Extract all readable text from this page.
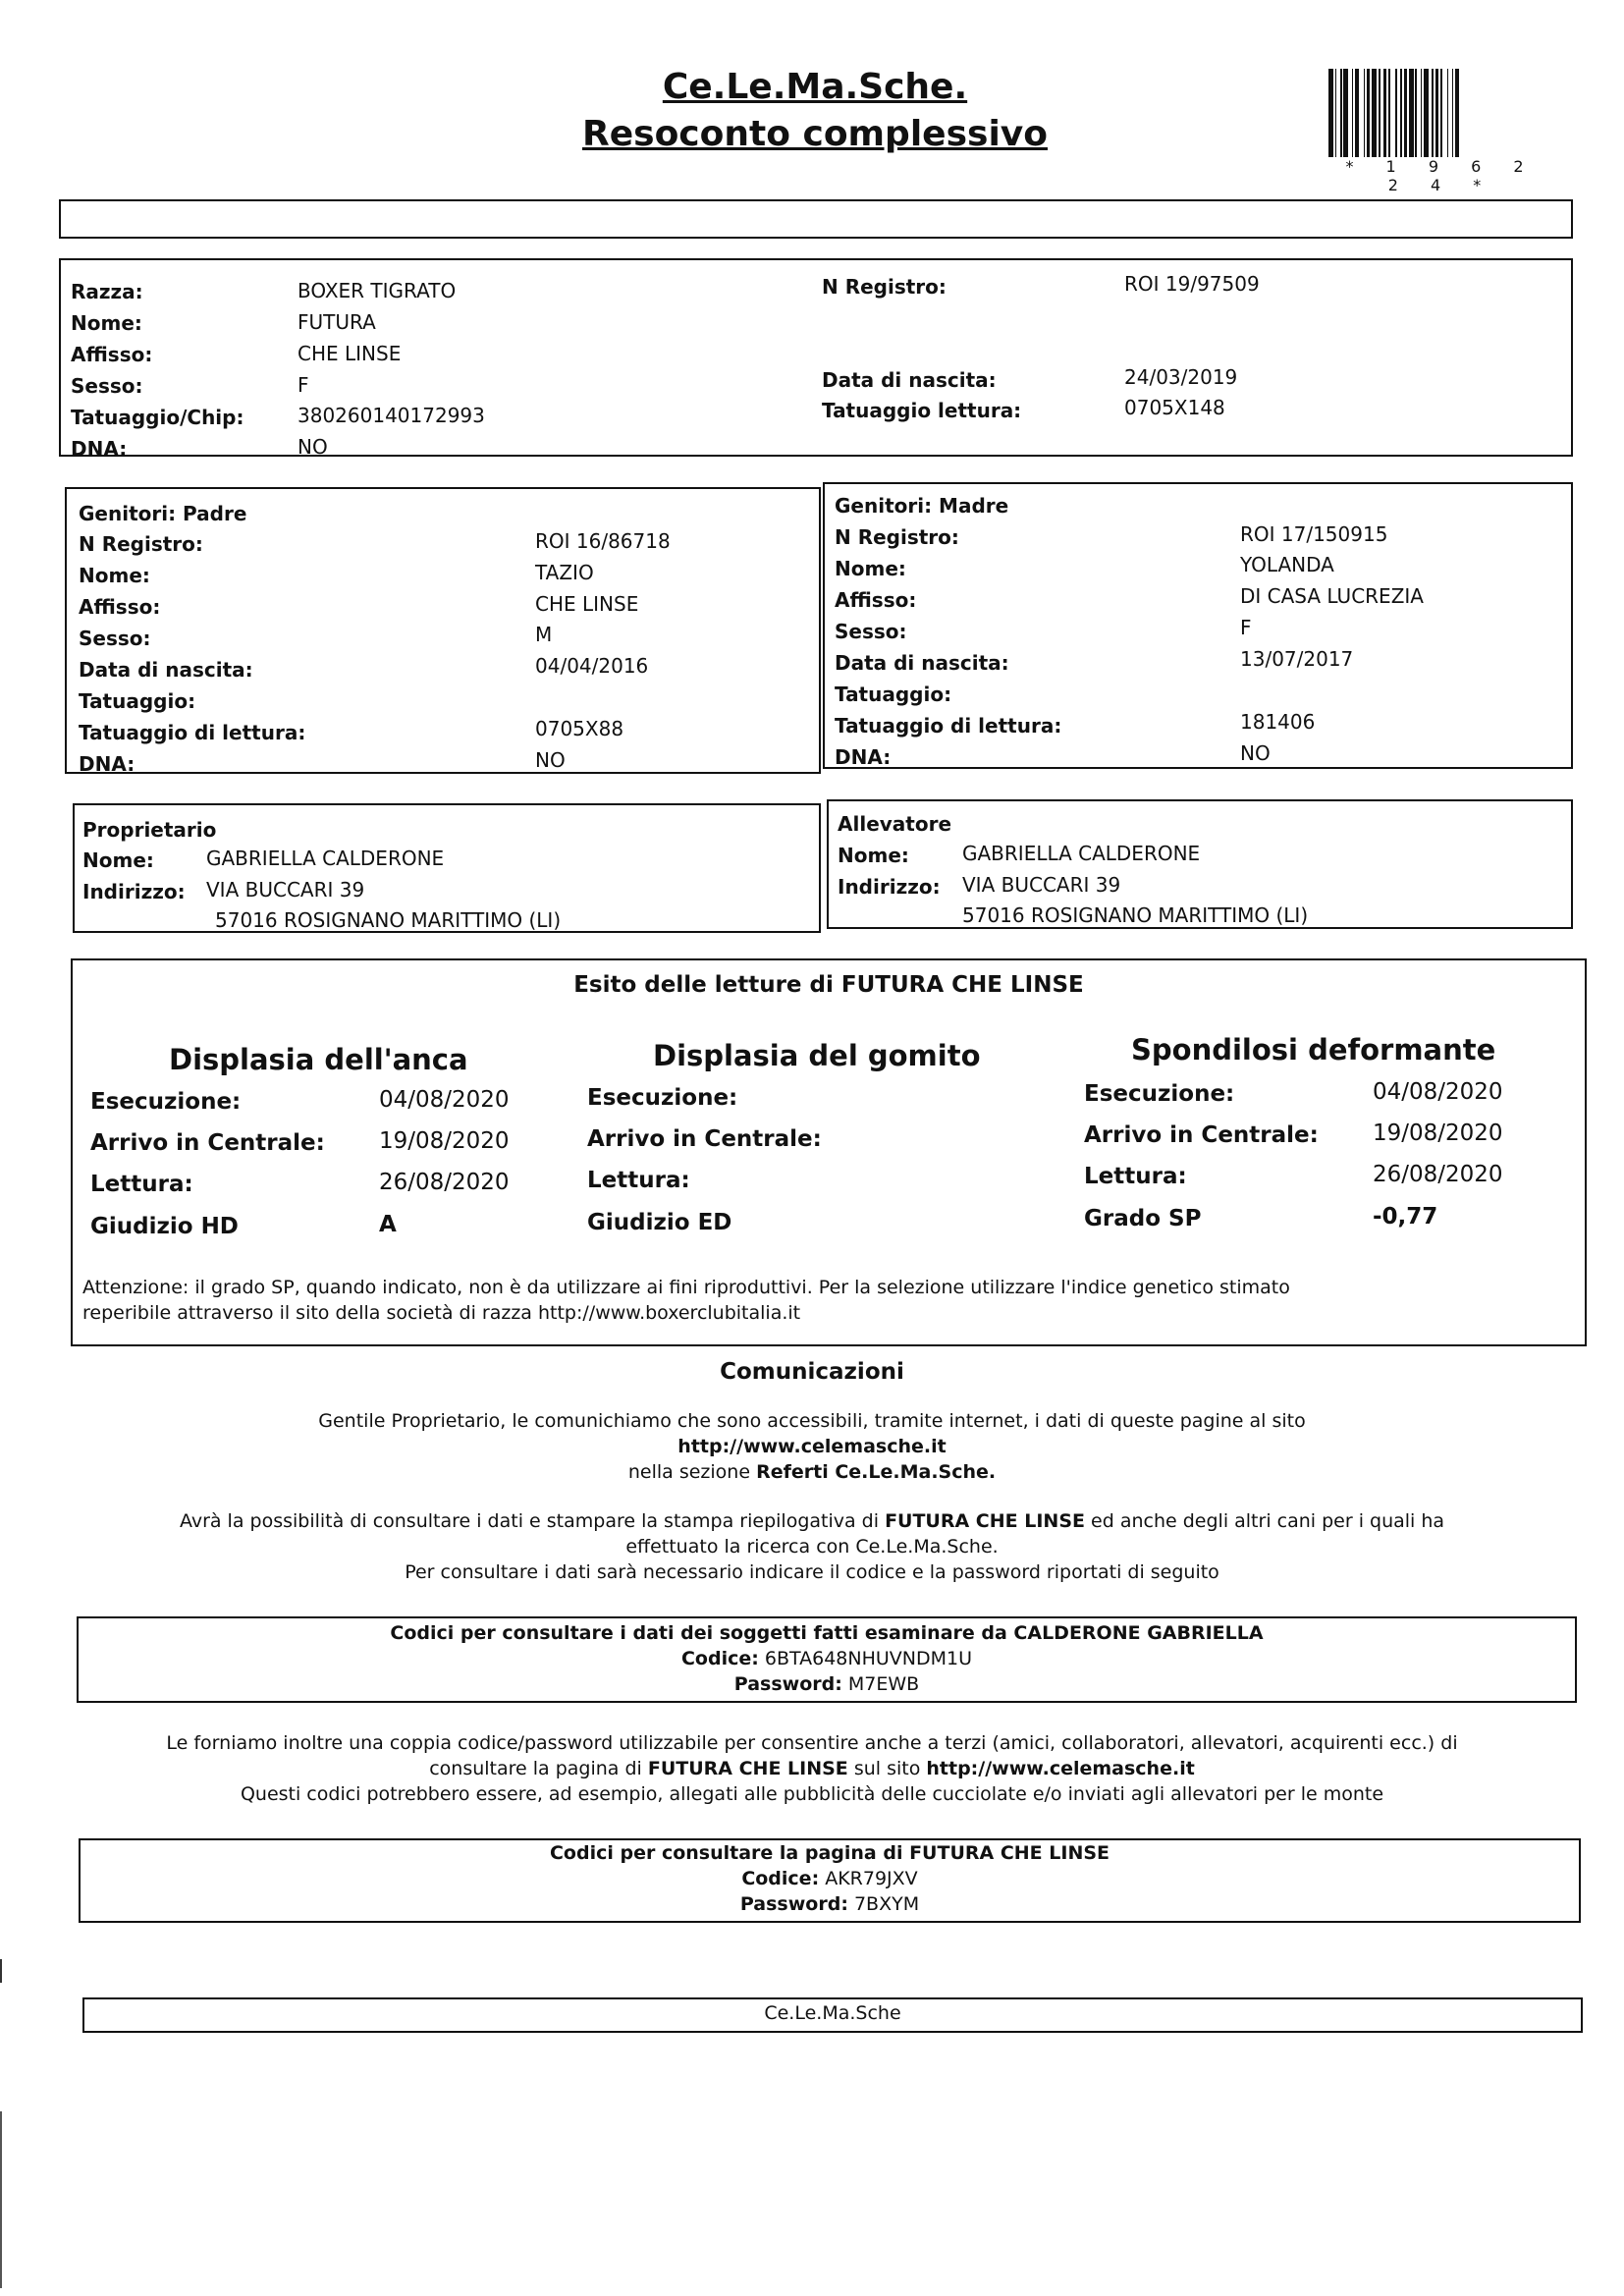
Ce.Le.Ma.Sche.
Resoconto complessivo
* 1 9 6 2 2 4 *
Razza:	BOXER TIGRATO
Nome:	FUTURA
Affisso:	CHE LINSE
Sesso:	F
Tatuaggio/Chip:	380260140172993
DNA:	NO
N Registro:	ROI 19/97509
Data di nascita:	24/03/2019
Tatuaggio lettura:	0705X148
Genitori: Padre
N Registro:	ROI 16/86718
Nome:	TAZIO
Affisso:	CHE LINSE
Sesso:	M
Data di nascita:	04/04/2016
Tatuaggio:
Tatuaggio di lettura:	0705X88
DNA:	NO
Genitori: Madre
N Registro:	ROI 17/150915
Nome:	YOLANDA
Affisso:	DI CASA LUCREZIA
Sesso:	F
Data di nascita:	13/07/2017
Tatuaggio:
Tatuaggio di lettura:	181406
DNA:	NO
Proprietario
Nome:	GABRIELLA CALDERONE
Indirizzo: VIA BUCCARI 39
57016 ROSIGNANO MARITTIMO (LI)
Allevatore
Nome:	GABRIELLA CALDERONE
Indirizzo: VIA BUCCARI 39
57016 ROSIGNANO MARITTIMO (LI)
Esito delle letture di FUTURA CHE LINSE
Displasia dell'anca
Esecuzione:	04/08/2020
Arrivo in Centrale: 19/08/2020
Lettura:	26/08/2020
Giudizio HD	A
Displasia del gomito
Esecuzione:
Arrivo in Centrale:
Lettura:
Giudizio ED
Spondilosi deformante
Esecuzione:	04/08/2020
Arrivo in Centrale: 19/08/2020
Lettura:	26/08/2020
Grado SP	-0,77
Attenzione: il grado SP, quando indicato, non è da utilizzare ai fini riproduttivi. Per la selezione utilizzare l'indice genetico stimato
reperibile attraverso il sito della società di razza http://www.boxerclubitalia.it
Comunicazioni
Gentile Proprietario, le comunichiamo che sono accessibili, tramite internet, i dati di queste pagine al sito
http://www.celemasche.it
nella sezione Referti Ce.Le.Ma.Sche.
Avrà la possibilità di consultare i dati e stampare la stampa riepilogativa di FUTURA CHE LINSE ed anche degli altri cani per i quali ha
effettuato la ricerca con Ce.Le.Ma.Sche.
Per consultare i dati sarà necessario indicare il codice e la password riportati di seguito
Codici per consultare i dati dei soggetti fatti esaminare da CALDERONE GABRIELLA
Codice: 6BTA648NHUVNDM1U
Password: M7EWB
Le forniamo inoltre una coppia codice/password utilizzabile per consentire anche a terzi (amici, collaboratori, allevatori, acquirenti ecc.) di
consultare la pagina di FUTURA CHE LINSE sul sito http://www.celemasche.it
Questi codici potrebbero essere, ad esempio, allegati alle pubblicità delle cucciolate e/o inviati agli allevatori per le monte
Codici per consultare la pagina di FUTURA CHE LINSE
Codice: AKR79JXV
Password: 7BXYM
Ce.Le.Ma.Sche
